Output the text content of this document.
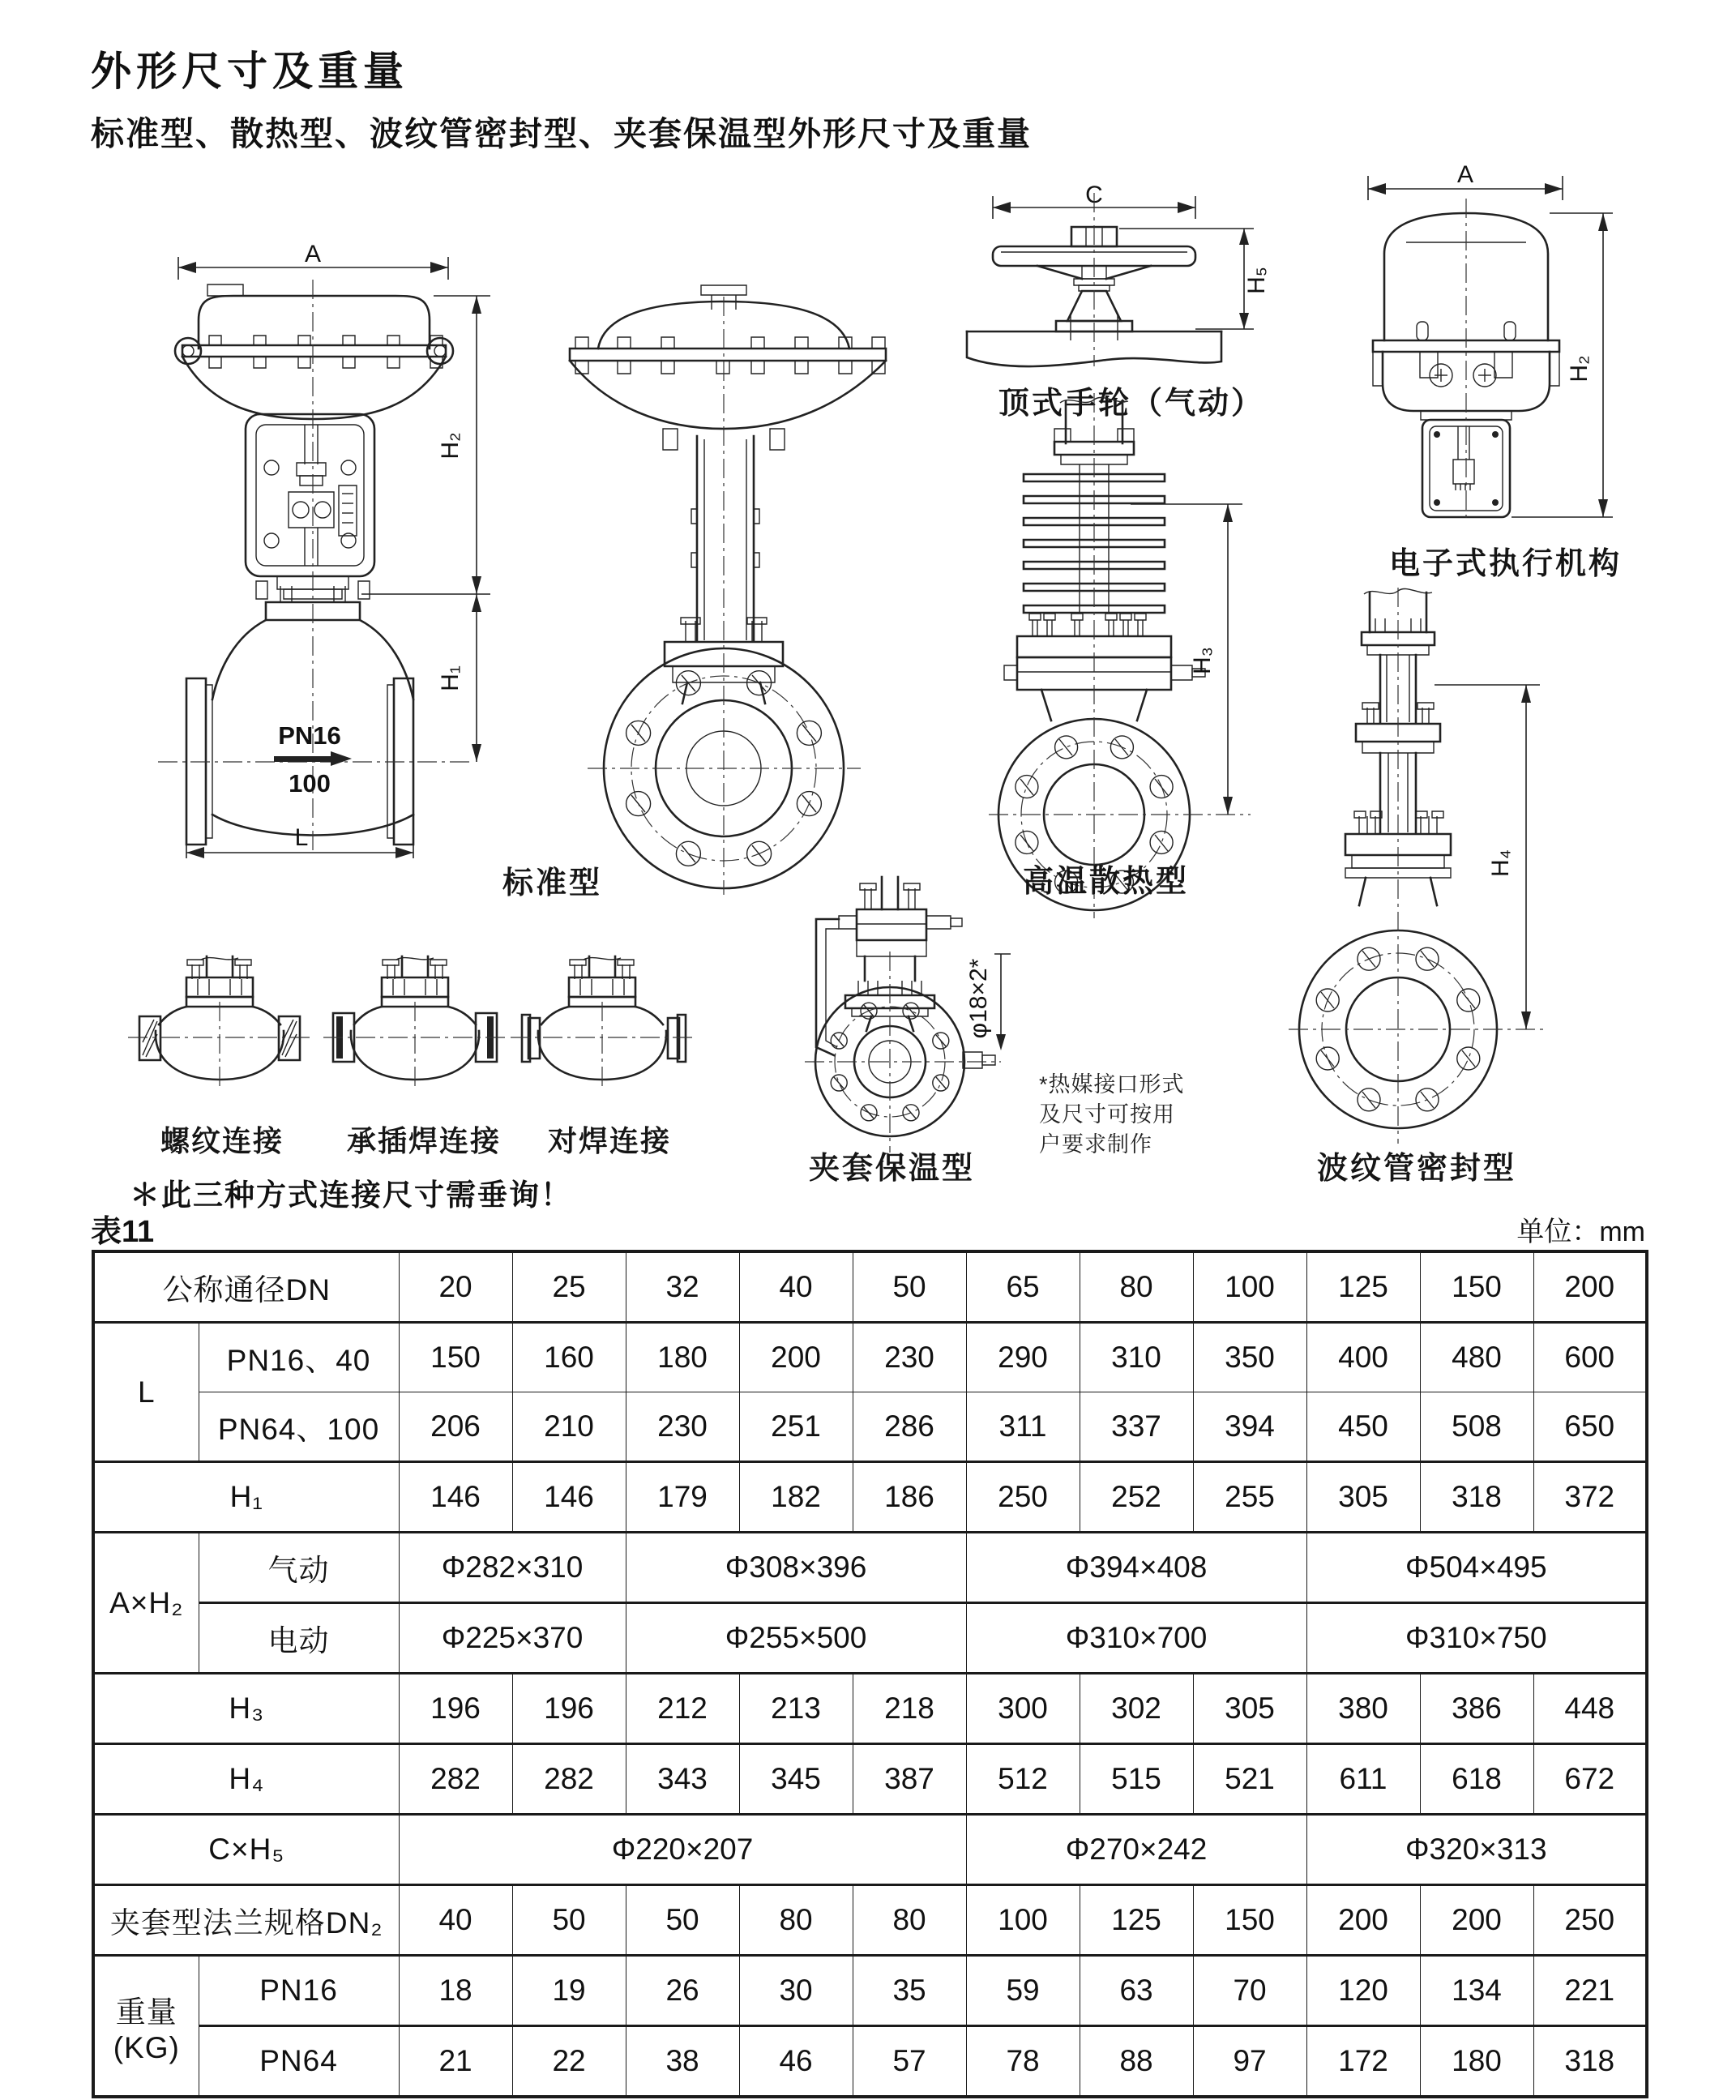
外形尺寸及重量
标准型、散热型、波纹管密封型、夹套保温型外形尺寸及重量
A
PN16
100
H₂
H₁
L
标准型
C
H₅
顶式手轮（气动）
H₃
高温散热型
A
H₂
电子式执行机构
H₄
波纹管密封型
φ18×2*
夹套保温型
*热媒接口形式
及尺寸可按用
户要求制作
螺纹连接 承插焊连接 对焊连接
＊此三种方式连接尺寸需垂询！
表11	单位：mm
公称通径DN		20	25	32	40	50	65	80	100	125	150	200
L	PN16、40	150	160	180	200	230	290	310	350	400	480	600
	PN64、100	206	210	230	251	286	311	337	394	450	508	650
H₁		146	146	179	182	186	250	252	255	305	318	372
A×H₂	气动	Φ282×310		Φ308×396			Φ394×408			Φ504×495		
	电动	Φ225×370		Φ255×500			Φ310×700			Φ310×750		
H₃		196	196	212	213	218	300	302	305	380	386	448
H₄		282	282	343	345	387	512	515	521	611	618	672
C×H₅		Φ220×207					Φ270×242			Φ320×313		
夹套型法兰规格DN₂		40	50	50	80	80	100	125	150	200	200	250

重量
(KG)	PN16	18	19	26	30	35	59	63	70	120	134	221
	PN64	21	22	38	46	57	78	88	97	172	180	318
